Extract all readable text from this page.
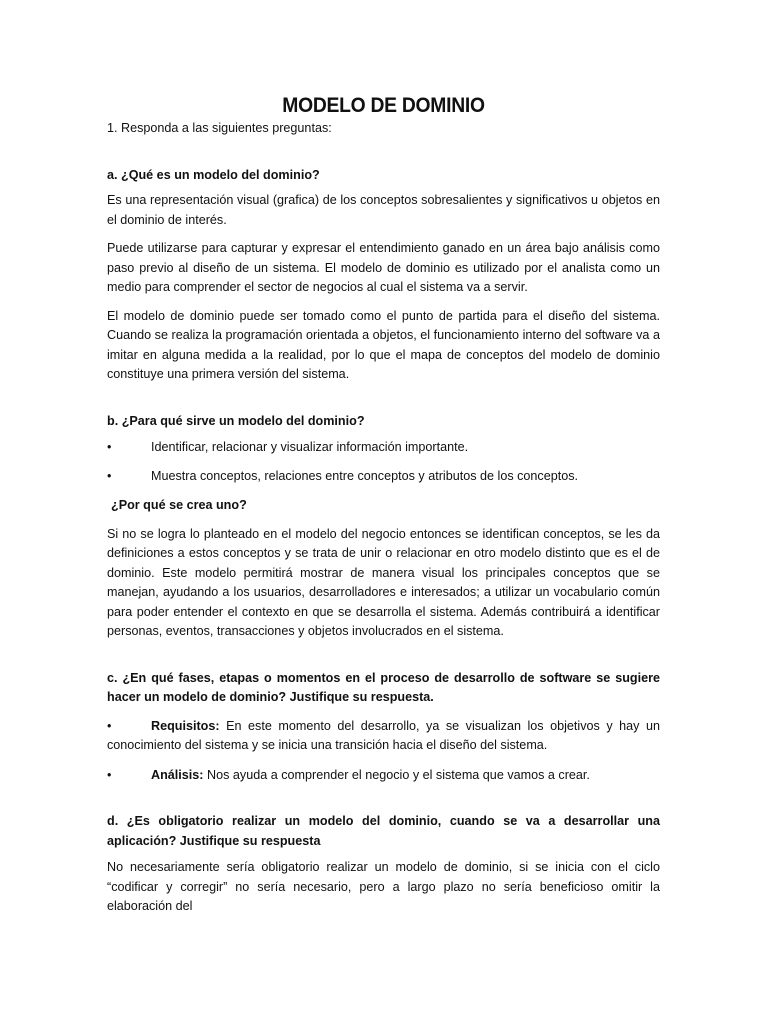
MODELO DE DOMINIO

1. Responda a las siguientes preguntas:

a. ¿Qué es un modelo del dominio?

Es una representación visual (grafica) de los conceptos sobresalientes y significativos u objetos en el dominio de interés.

Puede utilizarse para capturar y expresar el entendimiento ganado en un área bajo análisis como paso previo al diseño de un sistema. El modelo de dominio es utilizado por el analista como un medio para comprender el sector de negocios al cual el sistema va a servir.

El modelo de dominio puede ser tomado como el punto de partida para el diseño del sistema. Cuando se realiza la programación orientada a objetos, el funcionamiento interno del software va a imitar en alguna medida a la realidad, por lo que el mapa de conceptos del modelo de dominio constituye una primera versión del sistema.

b. ¿Para qué sirve un modelo del dominio?

•	Identificar, relacionar y visualizar información importante.
•	Muestra conceptos, relaciones entre conceptos y atributos de los conceptos.

¿Por qué se crea uno?

Si no se logra lo planteado en el modelo del negocio entonces se identifican conceptos, se les da definiciones a estos conceptos y se trata de unir o relacionar en otro modelo distinto que es el de dominio. Este modelo permitirá mostrar de manera visual los principales conceptos que se manejan, ayudando a los usuarios, desarrolladores e interesados; a utilizar un vocabulario común para poder entender el contexto en que se desarrolla el sistema. Además contribuirá a identificar personas, eventos, transacciones y objetos involucrados en el sistema.

c. ¿En qué fases, etapas o momentos en el proceso de desarrollo de software se sugiere hacer un modelo de dominio? Justifique su respuesta.

•	Requisitos: En este momento del desarrollo, ya se visualizan los objetivos y hay un conocimiento del sistema y se inicia una transición hacia el diseño del sistema.

•	Análisis: Nos ayuda a comprender el negocio y el sistema que vamos a crear.

d. ¿Es obligatorio realizar un modelo del dominio, cuando se va a desarrollar una aplicación? Justifique su respuesta

No necesariamente sería obligatorio realizar un modelo de dominio, si se inicia con el ciclo “codificar y corregir” no sería necesario, pero a largo plazo no sería beneficioso omitir la elaboración del
